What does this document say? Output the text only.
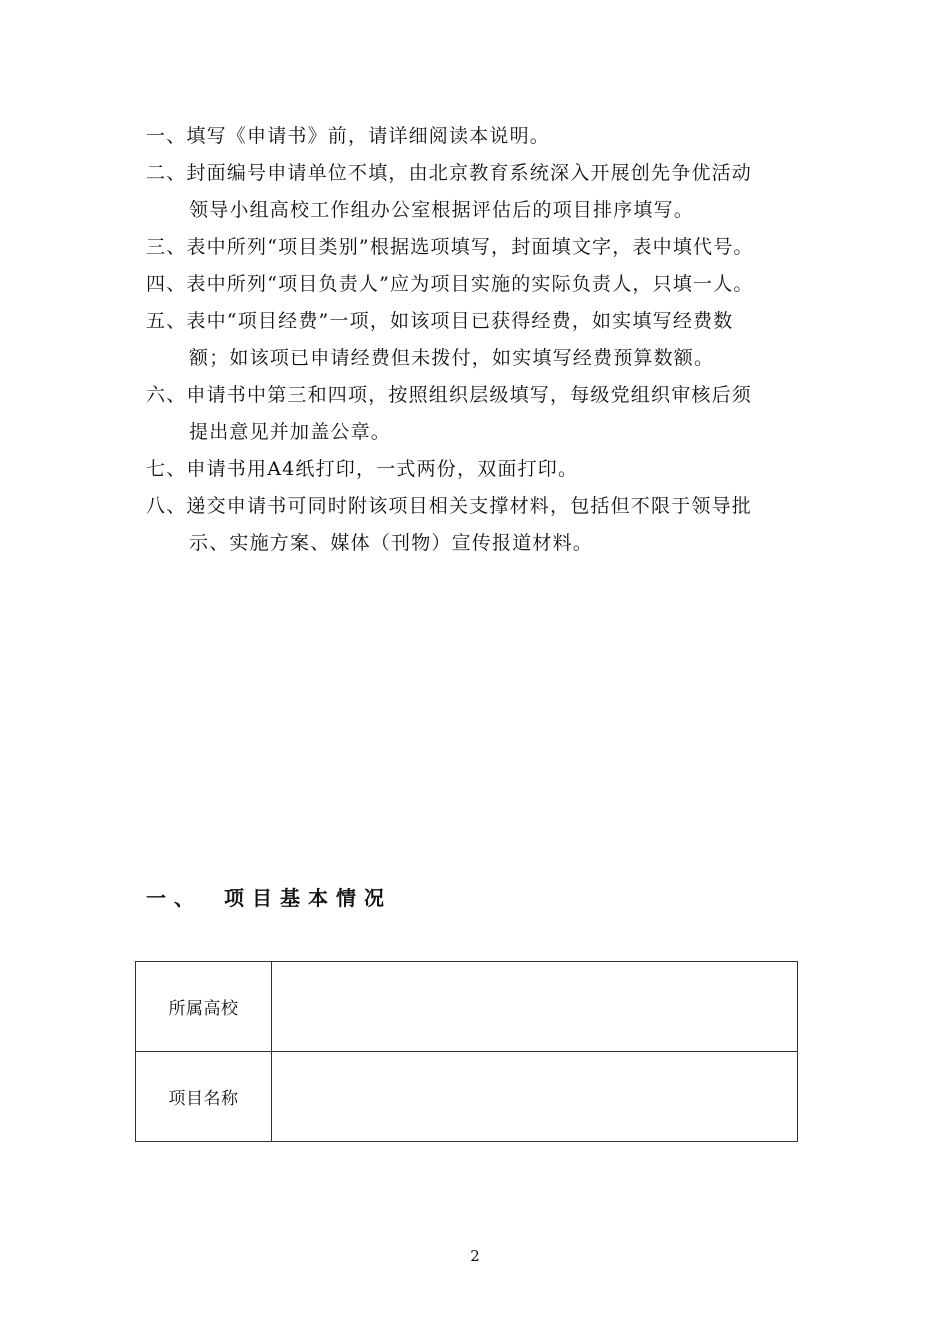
一、填写《申请书》前，请详细阅读本说明。
二、封面编号申请单位不填，由北京教育系统深入开展创先争优活动
领导小组高校工作组办公室根据评估后的项目排序填写。
三、表中所列“项目类别”根据选项填写，封面填文字，表中填代号。
四、表中所列“项目负责人”应为项目实施的实际负责人，只填一人。
五、表中“项目经费”一项，如该项目已获得经费，如实填写经费数
额；如该项已申请经费但未拨付，如实填写经费预算数额。
六、申请书中第三和四项，按照组织层级填写，每级党组织审核后须
提出意见并加盖公章。
七、申请书用A4纸打印，一式两份，双面打印。
八、递交申请书可同时附该项目相关支撑材料，包括但不限于领导批
示、实施方案、媒体（刊物）宣传报道材料。
一、 项目基本情况
所属高校	
项目名称	
2
